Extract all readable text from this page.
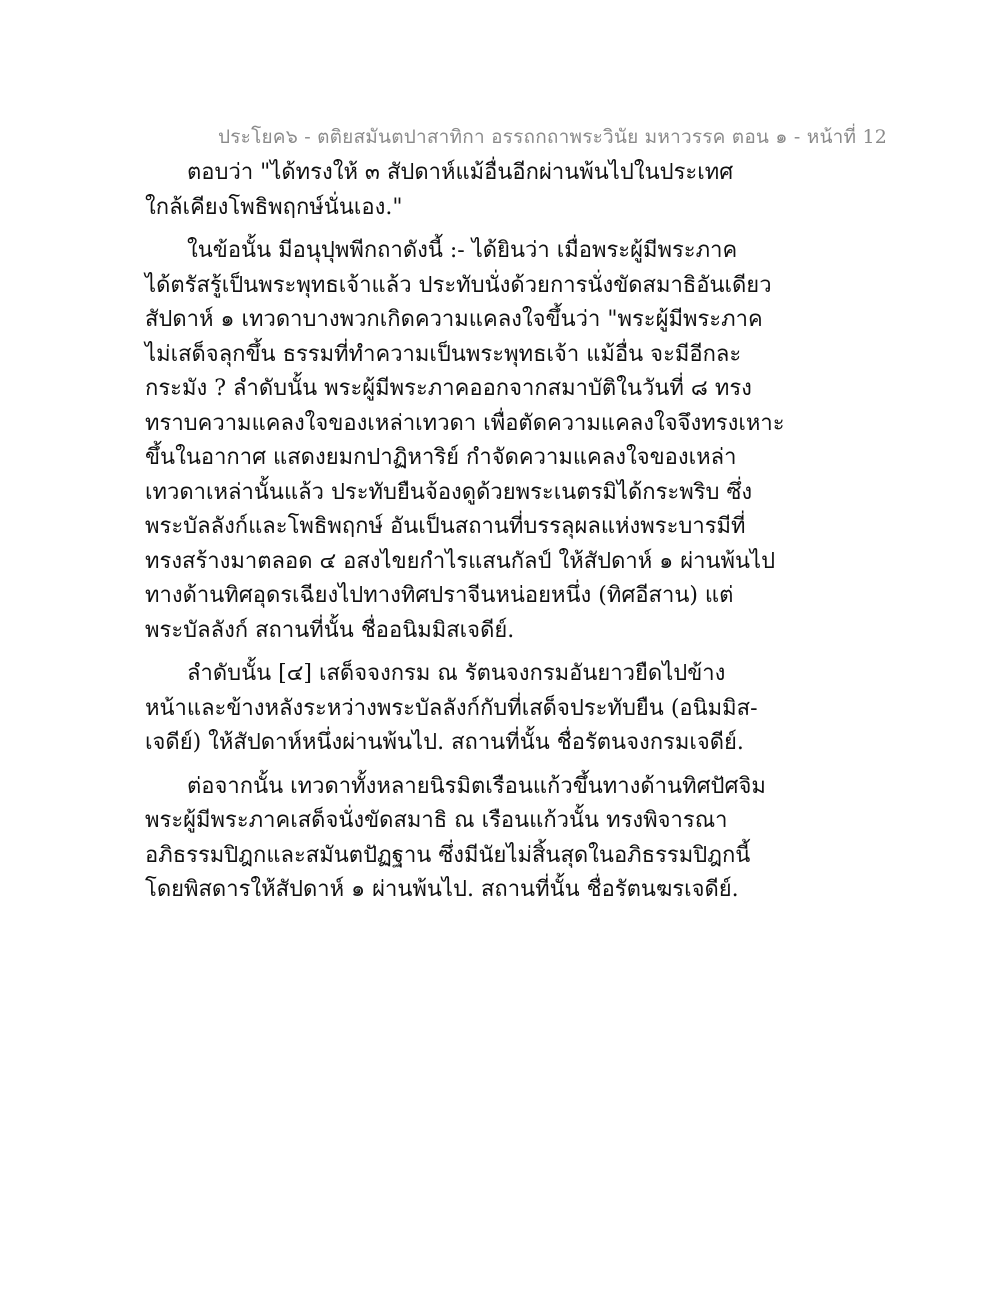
ประโยค๖ - ตติยสมันตปาสาทิกา อรรถกถาพระวินัย มหาวรรค ตอน ๑ - หน้าที่ 12
ตอบว่า "ได้ทรงให้ ๓ สัปดาห์แม้อื่นอีกผ่านพ้นไปในประเทศ
ใกล้เคียงโพธิพฤกษ์นั่นเอง."
ในข้อนั้น มีอนุปุพพีกถาดังนี้ :- ได้ยินว่า เมื่อพระผู้มีพระภาค
ได้ตรัสรู้เป็นพระพุทธเจ้าแล้ว ประทับนั่งด้วยการนั่งขัดสมาธิอันเดียว
สัปดาห์ ๑ เทวดาบางพวกเกิดความแคลงใจขึ้นว่า "พระผู้มีพระภาค
ไม่เสด็จลุกขึ้น ธรรมที่ทำความเป็นพระพุทธเจ้า แม้อื่น จะมีอีกละ
กระมัง ? ลำดับนั้น พระผู้มีพระภาคออกจากสมาบัติในวันที่ ๘ ทรง
ทราบความแคลงใจของเหล่าเทวดา เพื่อตัดความแคลงใจจึงทรงเหาะ
ขึ้นในอากาศ แสดงยมกปาฏิหาริย์ กำจัดความแคลงใจของเหล่า
เทวดาเหล่านั้นแล้ว ประทับยืนจ้องดูด้วยพระเนตรมิได้กระพริบ ซึ่ง
พระบัลลังก์และโพธิพฤกษ์ อันเป็นสถานที่บรรลุผลแห่งพระบารมีที่
ทรงสร้างมาตลอด ๔ อสงไขยกำไรแสนกัลป์ ให้สัปดาห์ ๑ ผ่านพ้นไป
ทางด้านทิศอุดรเฉียงไปทางทิศปราจีนหน่อยหนึ่ง (ทิศอีสาน) แต่
พระบัลลังก์ สถานที่นั้น ชื่ออนิมมิสเจดีย์.
ลำดับนั้น [๔] เสด็จจงกรม ณ รัตนจงกรมอันยาวยืดไปข้าง
หน้าและข้างหลังระหว่างพระบัลลังก์กับที่เสด็จประทับยืน (อนิมมิส-
เจดีย์) ให้สัปดาห์หนึ่งผ่านพ้นไป. สถานที่นั้น ชื่อรัตนจงกรมเจดีย์.
ต่อจากนั้น เทวดาทั้งหลายนิรมิตเรือนแก้วขึ้นทางด้านทิศปัศจิม
พระผู้มีพระภาคเสด็จนั่งขัดสมาธิ ณ เรือนแก้วนั้น ทรงพิจารณา
อภิธรรมปิฎกและสมันตปัฏฐาน ซึ่งมีนัยไม่สิ้นสุดในอภิธรรมปิฎกนี้
โดยพิสดารให้สัปดาห์ ๑ ผ่านพ้นไป. สถานที่นั้น ชื่อรัตนฆรเจดีย์.
